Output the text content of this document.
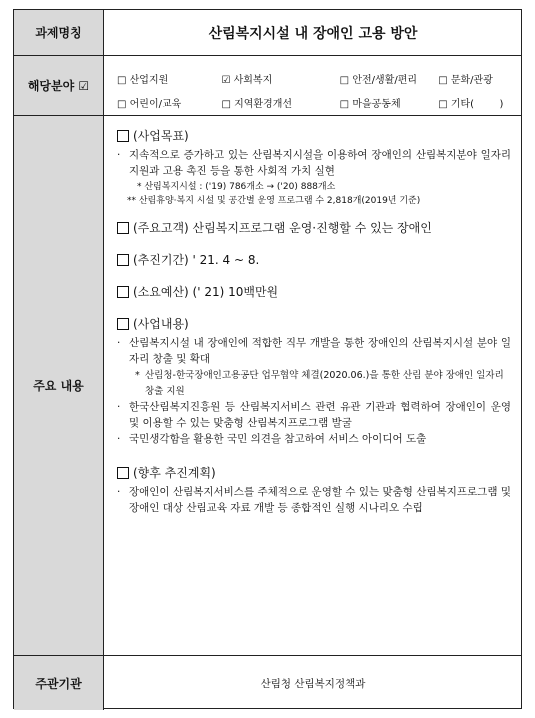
과제명칭	산림복지시설 내 장애인 고용 방안
해당분야 ☑	□ 산업지원	☑ 사회복지	□ 안전/생활/편리	□ 문화/관광
□ 어린이/교육	□ 지역환경개선	□ 마을공동체	□ 기타(        )
주요 내용
(사업목표)
· 지속적으로 증가하고 있는 산림복지시설을 이용하여 장애인의 산림복지분야 일자리 지원과 고용 촉진 등을 통한 사회적 가치 실현

* 산림복지시설 : ('19) 786개소 → ('20) 888개소
** 산림휴양·복지 시설 및 공간별 운영 프로그램 수 2,818개(2019년 기준)
(주요고객) 산림복지프로그램 운영·진행할 수 있는 장애인
(추진기간) ' 21. 4 ~ 8.
(소요예산) (' 21) 10백만원
(사업내용)
· 산림복지시설 내 장애인에 적합한 직무 개발을 통한 장애인의 산림복지시설 분야 일자리 창출 및 확대

* 산림청-한국장애인고용공단 업무협약 체결(2020.06.)을 통한 산림 분야 장애인 일자리 창출 지원

· 한국산림복지진흥원 등 산림복지서비스 관련 유관 기관과 협력하여 장애인이 운영 및 이용할 수 있는 맞춤형 산림복지프로그램 발굴

· 국민생각함을 활용한 국민 의견을 참고하여 서비스 아이디어 도출

(향후 추진계획)
· 장애인이 산림복지서비스를 주체적으로 운영할 수 있는 맞춤형 산림복지프로그램 및 장애인 대상 산림교육 자료 개발 등 종합적인 실행 시나리오 수립

주관기관	산림청 산림복지정책과
